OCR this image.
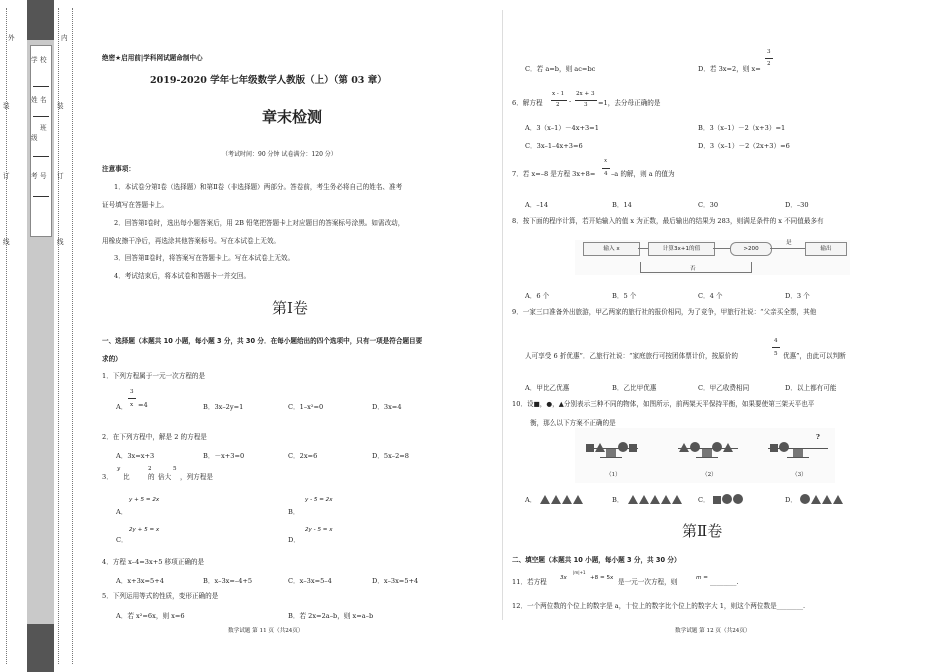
外
装
订
线
学 校
姓 名
班
级
考 号
内
装
订
线
绝密★启用前|学科网试题命制中心
2019-2020 学年七年级数学人教版（上）（第 03 章）
章末检测
（考试时间：90 分钟 试卷满分：120 分）
注意事项：
1．本试卷分第Ⅰ卷（选择题）和第Ⅱ卷（非选择题）两部分。答卷前，考生务必将自己的姓名、准考
证号填写在答题卡上。
2．回答第Ⅰ卷时，选出每小题答案后，用 2B 铅笔把答题卡上对应题目的答案标号涂黑。如需改动，
用橡皮擦干净后，再选涂其他答案标号。写在本试卷上无效。
3．回答第Ⅱ卷时，将答案写在答题卡上。写在本试卷上无效。
4．考试结束后，将本试卷和答题卡一并交回。
第Ⅰ卷
一、选择题（本题共 10 小题，每小题 3 分，共 30 分．在每小题给出的四个选项中，只有一项是符合题目要
求的）
1．下列方程属于一元一次方程的是
3
A． x =4	B．3x–2y=1	C．1–x²=0	D．3x=4
2．在下列方程中，解是 2 的方程是
A．3x=x+3	B．－x+3=0	C．2x=6	D．5x–2=8
3．
y
比
2
的
5
倍大 ，列方程是
A．
y + 5 = 2x
B．
y - 5 = 2x
C．
2y + 5 = x
D．
2y - 5 = x
4．方程 x–4=3x+5 移项正确的是
A．x+3x=5+4	B．x–3x=–4+5	C．x–3x=5–4	D．x–3x=5+4
5．下列运用等式的性质，变形正确的是
A．若 x²=6x，则 x=6	B．若 2x=2a–b，则 x=a–b
数学试题 第 11 页（共24页）
C．若 a=b，则 ac=bc	D．若 3x=2，则 x=
3
2
6．解方程
x - 1
2 -
2x + 3
3 =1，去分母正确的是
A．3（x–1）－4x+3=1	B．3（x–1）－2（x+3）=1
C．3x–1–4x+3=6	D．3（x–1）－2（2x+3）=6
7．若 x=–8 是方程 3x+8=
x
4 –a 的解，则 a 的值为
A．–14	B．14	C．30	D．–30
8．按下面的程序计算，若开始输入的值 x 为正数，最后输出的结果为 283，则满足条件的 x 不同值最多有
输入 x	计算3x+1的值	>200
是
输出
否
A．6 个	B．5 个	C．4 个	D．3 个
9．一家三口准备外出旅游，甲乙两家的旅行社的报价相同，为了竞争，甲旅行社说：“父亲买全票，其他
人可享受 6 折优惠”．乙旅行社说：“家庭旅行可按团体票计价，按原价的
4
5 优惠”，由此可以判断
A．甲比乙优惠	B．乙比甲优惠	C．甲乙收费相同	D．以上都有可能
10．设■，●，▲分别表示三种不同的物体，如图所示，前两架天平保持平衡，如果要使第三架天平也平
衡，那么以下方案不正确的是
（1）	（2）
?
（3）
A．	B．	C．	D．
第Ⅱ卷
二、填空题（本题共 10 小题，每小题 3 分，共 30 分）
11．若方程 3x
|m|+1
+8 = 5x 是一元一次方程，则	m = ________.
12．一个两位数的个位上的数字是 a，十位上的数字比个位上的数字大 1，则这个两位数是________.
数学试题 第 12 页（共24页）
